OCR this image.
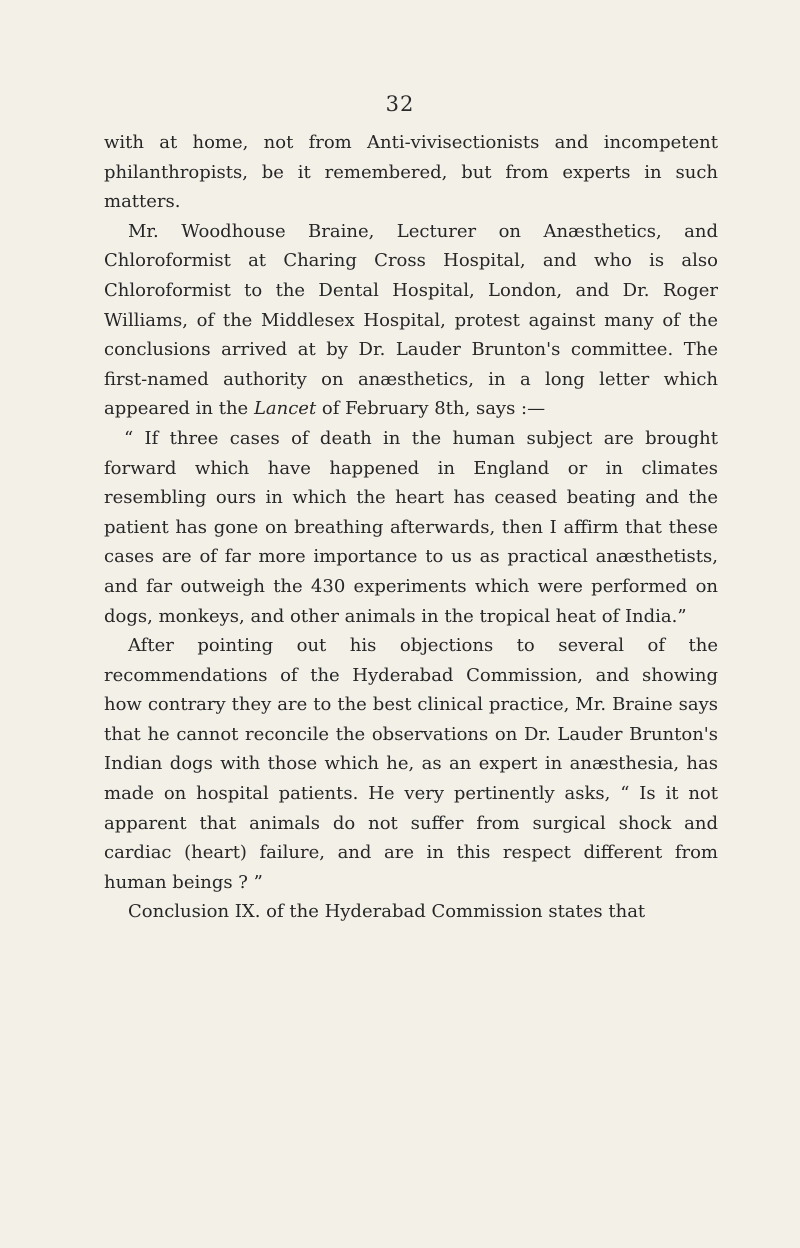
32

with at home, not from Anti-vivisectionists and incompetent philanthropists, be it remembered, but from experts in such matters.

Mr. Woodhouse Braine, Lecturer on Anæsthetics, and Chloroformist at Charing Cross Hospital, and who is also Chloroformist to the Dental Hospital, London, and Dr. Roger Williams, of the Middlesex Hospital, protest against many of the conclusions arrived at by Dr. Lauder Brunton's committee. The first-named authority on anæsthetics, in a long letter which appeared in the Lancet of February 8th, says :—

“ If three cases of death in the human subject are brought forward which have happened in England or in climates resembling ours in which the heart has ceased beating and the patient has gone on breathing afterwards, then I affirm that these cases are of far more importance to us as practical anæsthetists, and far outweigh the 430 experiments which were performed on dogs, monkeys, and other animals in the tropical heat of India.”

After pointing out his objections to several of the recommendations of the Hyderabad Commission, and showing how contrary they are to the best clinical practice, Mr. Braine says that he cannot reconcile the observations on Dr. Lauder Brunton's Indian dogs with those which he, as an expert in anæsthesia, has made on hospital patients. He very pertinently asks, “ Is it not apparent that animals do not suffer from surgical shock and cardiac (heart) failure, and are in this respect different from human beings ? ”

Conclusion IX. of the Hyderabad Commission states that
